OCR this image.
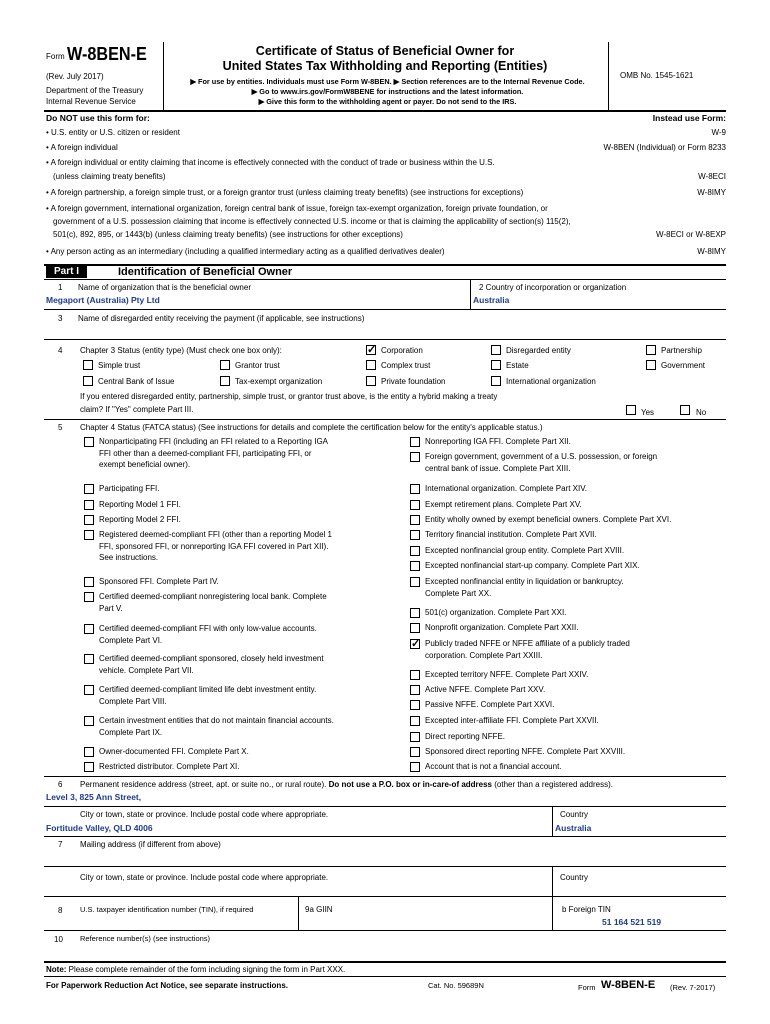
Form W-8BEN-E
(Rev. July 2017)
Department of the Treasury
Internal Revenue Service
Certificate of Status of Beneficial Owner for
United States Tax Withholding and Reporting (Entities)
▶ For use by entities. Individuals must use Form W-8BEN. ▶ Section references are to the Internal Revenue Code.
▶ Go to www.irs.gov/FormW8BENE for instructions and the latest information.
▶ Give this form to the withholding agent or payer. Do not send to the IRS.
OMB No. 1545-1621
Do NOT use this form for:	Instead use Form:
• U.S. entity or U.S. citizen or resident	W-9
• A foreign individual	W-8BEN (Individual) or Form 8233
• A foreign individual or entity claiming that income is effectively connected with the conduct of trade or business within the U.S.
(unless claiming treaty benefits)	W-8ECI
• A foreign partnership, a foreign simple trust, or a foreign grantor trust (unless claiming treaty benefits) (see instructions for exceptions)	W-8IMY
• A foreign government, international organization, foreign central bank of issue, foreign tax-exempt organization, foreign private foundation, or
government of a U.S. possession claiming that income is effectively connected U.S. income or that is claiming the applicability of section(s) 115(2),
501(c), 892, 895, or 1443(b) (unless claiming treaty benefits) (see instructions for other exceptions)	W-8ECI or W-8EXP
• Any person acting as an intermediary (including a qualified intermediary acting as a qualified derivatives dealer)	W-8IMY
Part I	Identification of Beneficial Owner
1 Name of organization that is the beneficial owner
Megaport (Australia) Pty Ltd
2 Country of incorporation or organization
Australia
3 Name of disregarded entity receiving the payment (if applicable, see instructions)
4 Chapter 3 Status (entity type) (Must check one box only):
✓	Corporation	Disregarded entity	Partnership
Simple trust	Grantor trust	Complex trust	Estate	Government
Central Bank of Issue	Tax-exempt organization	Private foundation	International organization
If you entered disregarded entity, partnership, simple trust, or grantor trust above, is the entity a hybrid making a treaty
claim? If "Yes" complete Part III.	Yes	No
5 Chapter 4 Status (FATCA status) (See instructions for details and complete the certification below for the entity's applicable status.)
Nonparticipating FFI (including an FFI related to a Reporting IGA
FFI other than a deemed-compliant FFI, participating FFI, or
exempt beneficial owner).
Participating FFI.
Reporting Model 1 FFI.
Reporting Model 2 FFI.
Registered deemed-compliant FFI (other than a reporting Model 1
FFI, sponsored FFI, or nonreporting IGA FFI covered in Part XII).
See instructions.
Sponsored FFI. Complete Part IV.
Certified deemed-compliant nonregistering local bank. Complete
Part V.
Certified deemed-compliant FFI with only low-value accounts.
Complete Part VI.
Certified deemed-compliant sponsored, closely held investment
vehicle. Complete Part VII.
Certified deemed-compliant limited life debt investment entity.
Complete Part VIII.
Certain investment entities that do not maintain financial accounts.
Complete Part IX.
Owner-documented FFI. Complete Part X.
Restricted distributor. Complete Part XI.
Nonreporting IGA FFI. Complete Part XII.
Foreign government, government of a U.S. possession, or foreign
central bank of issue. Complete Part XIII.
International organization. Complete Part XIV.
Exempt retirement plans. Complete Part XV.
Entity wholly owned by exempt beneficial owners. Complete Part XVI.
Territory financial institution. Complete Part XVII.
Excepted nonfinancial group entity. Complete Part XVIII.
Excepted nonfinancial start-up company. Complete Part XIX.
Excepted nonfinancial entity in liquidation or bankruptcy.
Complete Part XX.
501(c) organization. Complete Part XXI.
Nonprofit organization. Complete Part XXII.
✓
Publicly traded NFFE or NFFE affiliate of a publicly traded
corporation. Complete Part XXIII.
Excepted territory NFFE. Complete Part XXIV.
Active NFFE. Complete Part XXV.
Passive NFFE. Complete Part XXVI.
Excepted inter-affiliate FFI. Complete Part XXVII.
Direct reporting NFFE.
Sponsored direct reporting NFFE. Complete Part XXVIII.
Account that is not a financial account.
6 Permanent residence address (street, apt. or suite no., or rural route). Do not use a P.O. box or in-care-of address (other than a registered address).
Level 3, 825 Ann Street,
City or town, state or province. Include postal code where appropriate.
Fortitude Valley, QLD 4006
Country
Australia
7 Mailing address (if different from above)
City or town, state or province. Include postal code where appropriate.	Country
8 U.S. taxpayer identification number (TIN), if required	9a GIIN	b Foreign TIN
51 164 521 519
10 Reference number(s) (see instructions)
Note: Please complete remainder of the form including signing the form in Part XXX.
For Paperwork Reduction Act Notice, see separate instructions.	Cat. No. 59689N	Form W-8BEN-E (Rev. 7-2017)
